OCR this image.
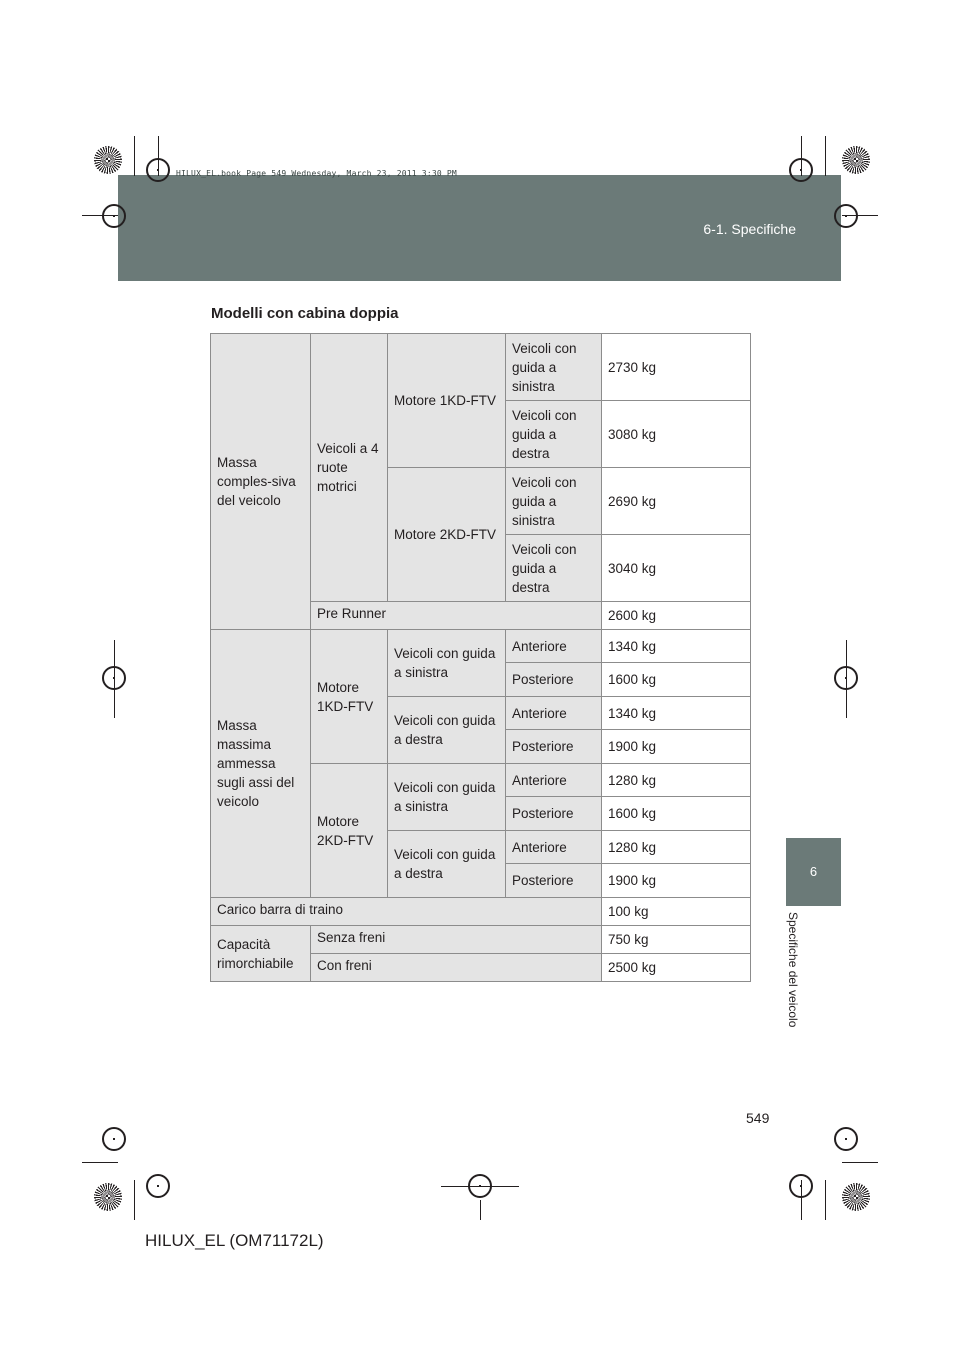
6-1. Specifiche
HILUX_EL.book Page 549 Wednesday, March 23, 2011 3:30 PM
6
Specifiche del veicolo
Modelli con cabina doppia
Massa comples-siva del veicolo	Veicoli a 4 ruote motrici	Motore 1KD-FTV	Veicoli con guida a sinistra	2730 kg
			Veicoli con guida a destra	3080 kg
		Motore 2KD-FTV	Veicoli con guida a sinistra	2690 kg
			Veicoli con guida a destra	3040 kg
	Pre Runner			2600 kg
Massa massima ammessa sugli assi del veicolo	Motore 1KD-FTV	Veicoli con guida a sinistra	Anteriore	1340 kg
			Posteriore	1600 kg
		Veicoli con guida a destra	Anteriore	1340 kg
			Posteriore	1900 kg
	Motore 2KD-FTV	Veicoli con guida a sinistra	Anteriore	1280 kg
			Posteriore	1600 kg
		Veicoli con guida a destra	Anteriore	1280 kg
			Posteriore	1900 kg
Carico barra di traino				100 kg
Capacità rimorchiabile	Senza freni			750 kg
	Con freni			2500 kg
549
HILUX_EL (OM71172L)
